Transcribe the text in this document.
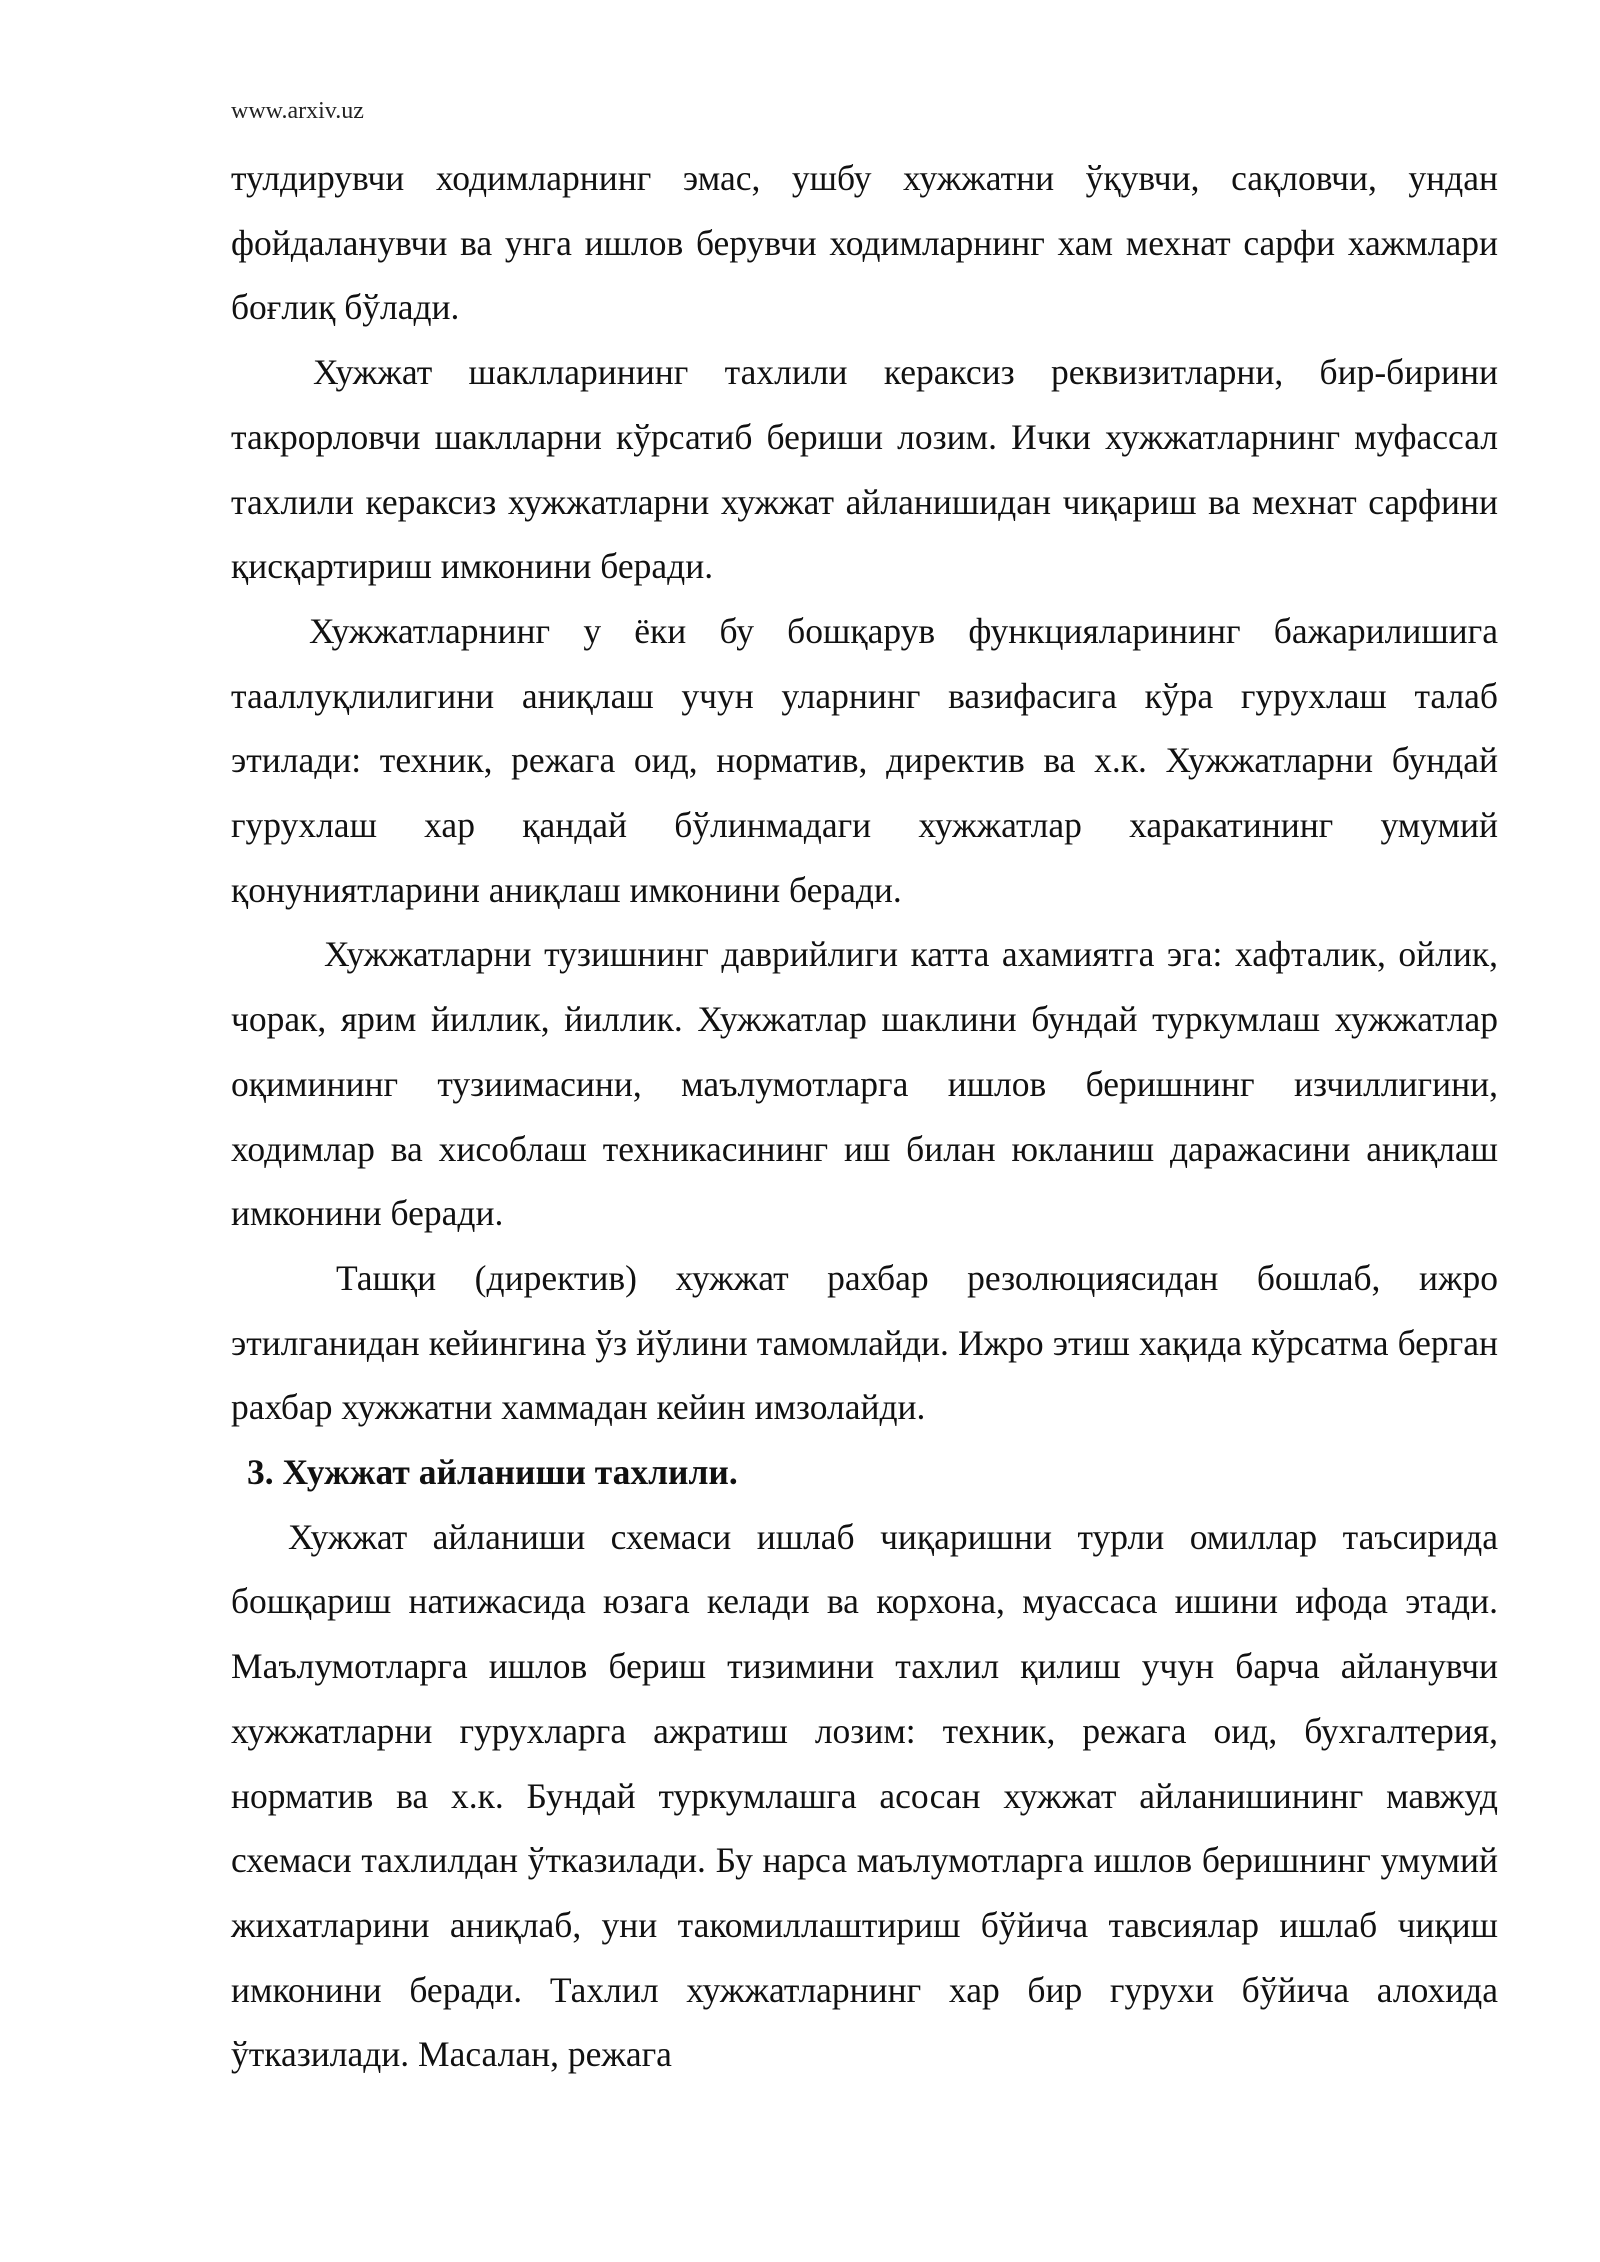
www.arxiv.uz

тулдирувчи ходимларнинг эмас, ушбу хужжатни ўқувчи, сақловчи, ундан фойдаланувчи ва унга ишлов берувчи ходимларнинг хам мехнат сарфи хажмлари боғлиқ бўлади.

Хужжат шаклларининг тахлили кераксиз реквизитларни, бир-бирини такрорловчи шаклларни кўрсатиб бериши лозим. Ички хужжатларнинг муфассал тахлили кераксиз хужжатларни хужжат айланишидан чиқариш ва мехнат сарфини қисқартириш имконини беради.

Хужжатларнинг у ёки бу бошқарув функцияларининг бажарилишига тааллуқлилигини аниқлаш учун уларнинг вазифасига кўра гурухлаш талаб этилади: техник, режага оид, норматив, директив ва х.к. Хужжатларни бундай гурухлаш хар қандай бўлинмадаги хужжатлар харакатининг умумий қонуниятларини аниқлаш имконини беради.

Хужжатларни тузишнинг даврийлиги катта ахамиятга эга: хафталик, ойлик, чорак, ярим йиллик, йиллик. Хужжатлар шаклини бундай туркумлаш хужжатлар оқимининг тузиимасини, маълумотларга ишлов беришнинг изчиллигини, ходимлар ва хисоблаш техникасининг иш билан юкланиш даражасини аниқлаш имконини беради.

Ташқи (директив) хужжат рахбар резолюциясидан бошлаб, ижро этилганидан кейингина ўз йўлини тамомлайди. Ижро этиш хақида кўрсатма берган рахбар хужжатни хаммадан кейин имзолайди.

3. Хужжат айланиши тахлили.

Хужжат айланиши схемаси ишлаб чиқаришни турли омиллар таъсирида бошқариш натижасида юзага келади ва корхона, муассаса ишини ифода этади. Маълумотларга ишлов бериш тизимини тахлил қилиш учун барча айланувчи хужжатларни гурухларга ажратиш лозим: техник, режага оид, бухгалтерия, норматив ва х.к. Бундай туркумлашга асосан хужжат айланишининг мавжуд схемаси тахлилдан ўтказилади. Бу нарса маълумотларга ишлов беришнинг умумий жихатларини аниқлаб, уни такомиллаштириш бўйича тавсиялар ишлаб чиқиш имконини беради. Тахлил хужжатларнинг хар бир гурухи бўйича алохида ўтказилади. Масалан, режага
